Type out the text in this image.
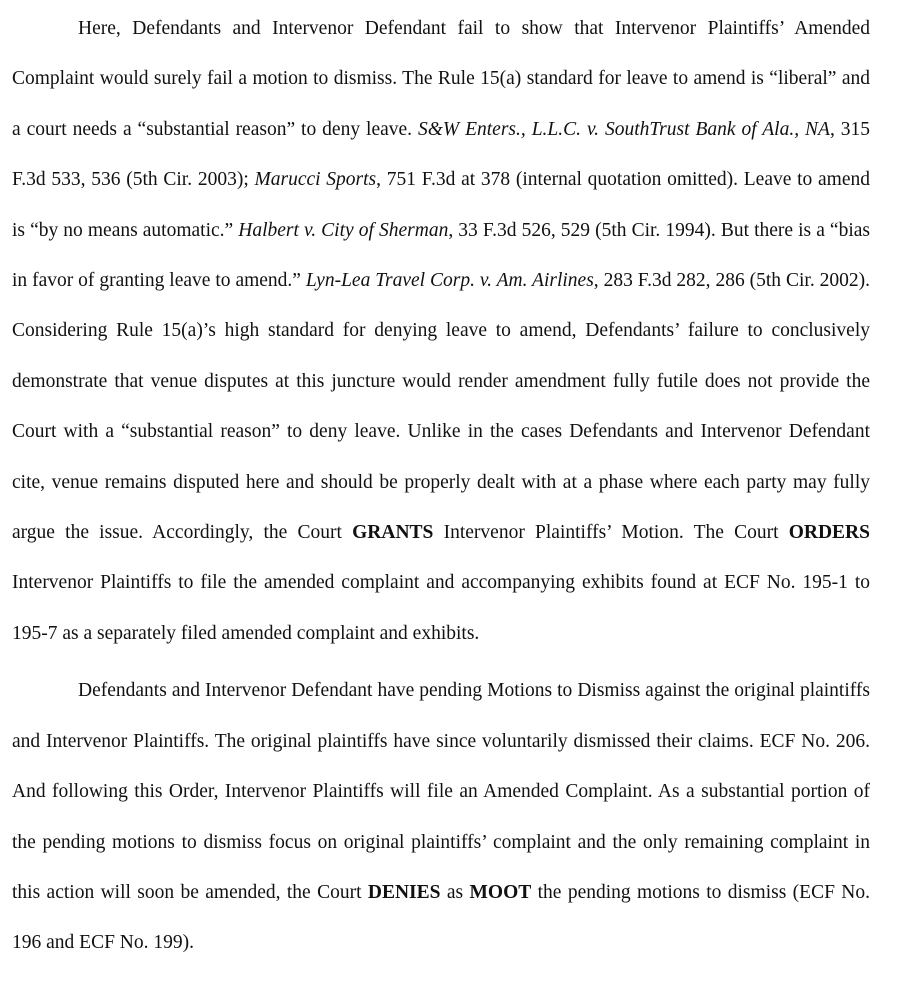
Here, Defendants and Intervenor Defendant fail to show that Intervenor Plaintiffs’ Amended Complaint would surely fail a motion to dismiss. The Rule 15(a) standard for leave to amend is “liberal” and a court needs a “substantial reason” to deny leave. S&W Enters., L.L.C. v. SouthTrust Bank of Ala., NA, 315 F.3d 533, 536 (5th Cir. 2003); Marucci Sports, 751 F.3d at 378 (internal quotation omitted). Leave to amend is “by no means automatic.” Halbert v. City of Sherman, 33 F.3d 526, 529 (5th Cir. 1994). But there is a “bias in favor of granting leave to amend.” Lyn-Lea Travel Corp. v. Am. Airlines, 283 F.3d 282, 286 (5th Cir. 2002). Considering Rule 15(a)’s high standard for denying leave to amend, Defendants’ failure to conclusively demonstrate that venue disputes at this juncture would render amendment fully futile does not provide the Court with a “substantial reason” to deny leave. Unlike in the cases Defendants and Intervenor Defendant cite, venue remains disputed here and should be properly dealt with at a phase where each party may fully argue the issue. Accordingly, the Court GRANTS Intervenor Plaintiffs’ Motion. The Court ORDERS Intervenor Plaintiffs to file the amended complaint and accompanying exhibits found at ECF No. 195-1 to 195-7 as a separately filed amended complaint and exhibits.

Defendants and Intervenor Defendant have pending Motions to Dismiss against the original plaintiffs and Intervenor Plaintiffs. The original plaintiffs have since voluntarily dismissed their claims. ECF No. 206. And following this Order, Intervenor Plaintiffs will file an Amended Complaint. As a substantial portion of the pending motions to dismiss focus on original plaintiffs’ complaint and the only remaining complaint in this action will soon be amended, the Court DENIES as MOOT the pending motions to dismiss (ECF No. 196 and ECF No. 199).
